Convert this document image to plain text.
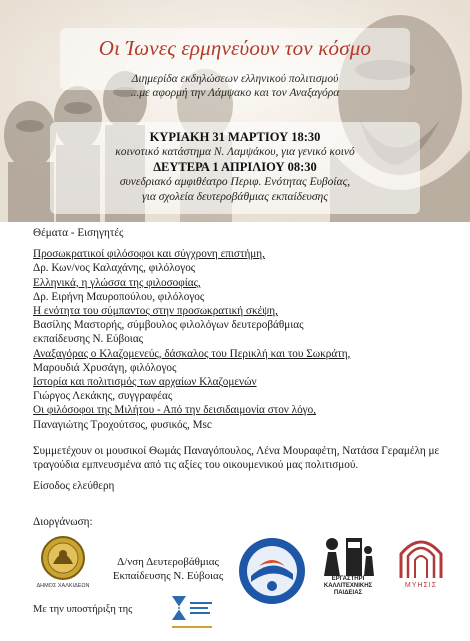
Οι Ίωνες ερμηνεύουν τον κόσμο
Διημερίδα εκδηλώσεων ελληνικού πολιτισμού
...με αφορμή την Λάμψακο και τον Αναξαγόρα
ΚΥΡΙΑΚΗ 31 ΜΑΡΤΙΟΥ 18:30
κοινοτικό κατάστημα Ν. Λαμψάκου, για γενικό κοινό
ΔΕΥΤΕΡΑ 1 ΑΠΡΙΛΙΟΥ 08:30
συνεδριακό αμφιθέατρο Περιφ. Ενότητας Ευβοίας,
για σχολεία δευτεροβάθμιας εκπαίδευσης
Θέματα - Εισηγητές
Προσωκρατικοί φιλόσοφοι και σύγχρονη επιστήμη,
Δρ. Κων/νος Καλαχάνης, φιλόλογος
Ελληνικά, η γλώσσα της φιλοσοφίας,
Δρ. Ειρήνη Μαυροπούλου, φιλόλογος
Η ενότητα του σύμπαντος στην προσωκρατική σκέψη,
Βασίλης Μαστορής, σύμβουλος φιλολόγων δευτεροβάθμιας
εκπαίδευσης Ν. Εύβοιας
Αναξαγόρας ο Κλαζομενεύς, δάσκαλος του Περικλή και του Σωκράτη,
Μαρουδιά Χρυσάγη, φιλόλογος
Ιστορία και πολιτισμός των αρχαίων Κλαζομενών
Γιώργος Λεκάκης, συγγραφέας
Οι φιλόσοφοι της Μιλήτου - Από την δεισιδαιμονία στον λόγο,
Παναγιώτης Τροχούτσος, φυσικός, Msc
Συμμετέχουν οι μουσικοί Θωμάς Παναγόπουλος, Λένα Μουραφέτη, Νατάσα Γεραμέλη με τραγούδια εμπνευσμένα από τις αξίες του οικουμενικού μας πολιτισμού.
Είσοδος ελεύθερη
Διοργάνωση:
ΔΗΜΟΣ ΧΑΛΚΙΔΕΩΝ
Δ/νση Δευτεροβάθμιας
Εκπαίδευσης Ν. Εύβοιας	ΕΡΓΑΣΤΗΡΙ
ΚΑΛΛΙΤΕΧΝΙΚΗΣ
ΠΑΙΔΕΙΑΣ
ΜΥΗΣΙΣ
Με την υποστήριξη της
